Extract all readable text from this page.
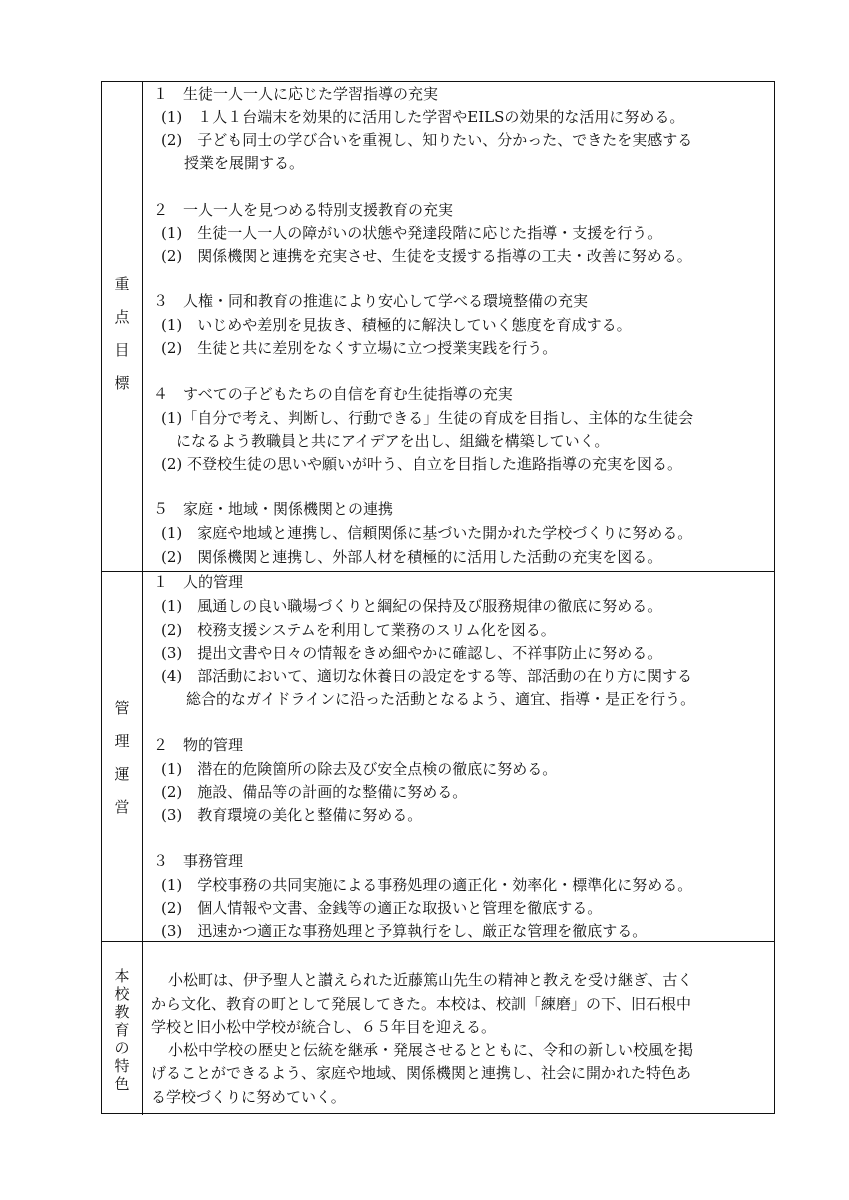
重
点
目
標
１　生徒一人一人に応じた学習指導の充実
(1)　１人１台端末を効果的に活用した学習やEILSの効果的な活用に努める。
(2)　子ども同士の学び合いを重視し、知りたい、分かった、できたを実感する
授業を展開する。
２　一人一人を見つめる特別支援教育の充実
(1)　生徒一人一人の障がいの状態や発達段階に応じた指導・支援を行う。
(2)　関係機関と連携を充実させ、生徒を支援する指導の工夫・改善に努める。
３　人権・同和教育の推進により安心して学べる環境整備の充実
(1)　いじめや差別を見抜き、積極的に解決していく態度を育成する。
(2)　生徒と共に差別をなくす立場に立つ授業実践を行う。
４　すべての子どもたちの自信を育む生徒指導の充実
(1)「自分で考え、判断し、行動できる」生徒の育成を目指し、主体的な生徒会
になるよう教職員と共にアイデアを出し、組織を構築していく。
(2) 不登校生徒の思いや願いが叶う、自立を目指した進路指導の充実を図る。
５　家庭・地域・関係機関との連携
(1)　家庭や地域と連携し、信頼関係に基づいた開かれた学校づくりに努める。
(2)　関係機関と連携し、外部人材を積極的に活用した活動の充実を図る。
管
理
運
営
１　人的管理
(1)　風通しの良い職場づくりと綱紀の保持及び服務規律の徹底に努める。
(2)　校務支援システムを利用して業務のスリム化を図る。
(3)　提出文書や日々の情報をきめ細やかに確認し、不祥事防止に努める。
(4)　部活動において、適切な休養日の設定をする等、部活動の在り方に関する
総合的なガイドラインに沿った活動となるよう、適宜、指導・是正を行う。
２　物的管理
(1)　潜在的危険箇所の除去及び安全点検の徹底に努める。
(2)　施設、備品等の計画的な整備に努める。
(3)　教育環境の美化と整備に努める。
３　事務管理
(1)　学校事務の共同実施による事務処理の適正化・効率化・標準化に努める。
(2)　個人情報や文書、金銭等の適正な取扱いと管理を徹底する。
(3)　迅速かつ適正な事務処理と予算執行をし、厳正な管理を徹底する。
本
校
教
育
の
特
色
小松町は、伊予聖人と讃えられた近藤篤山先生の精神と教えを受け継ぎ、古く
から文化、教育の町として発展してきた。本校は、校訓「練磨」の下、旧石根中
学校と旧小松中学校が統合し、６５年目を迎える。
小松中学校の歴史と伝統を継承・発展させるとともに、令和の新しい校風を掲
げることができるよう、家庭や地域、関係機関と連携し、社会に開かれた特色あ
る学校づくりに努めていく。
